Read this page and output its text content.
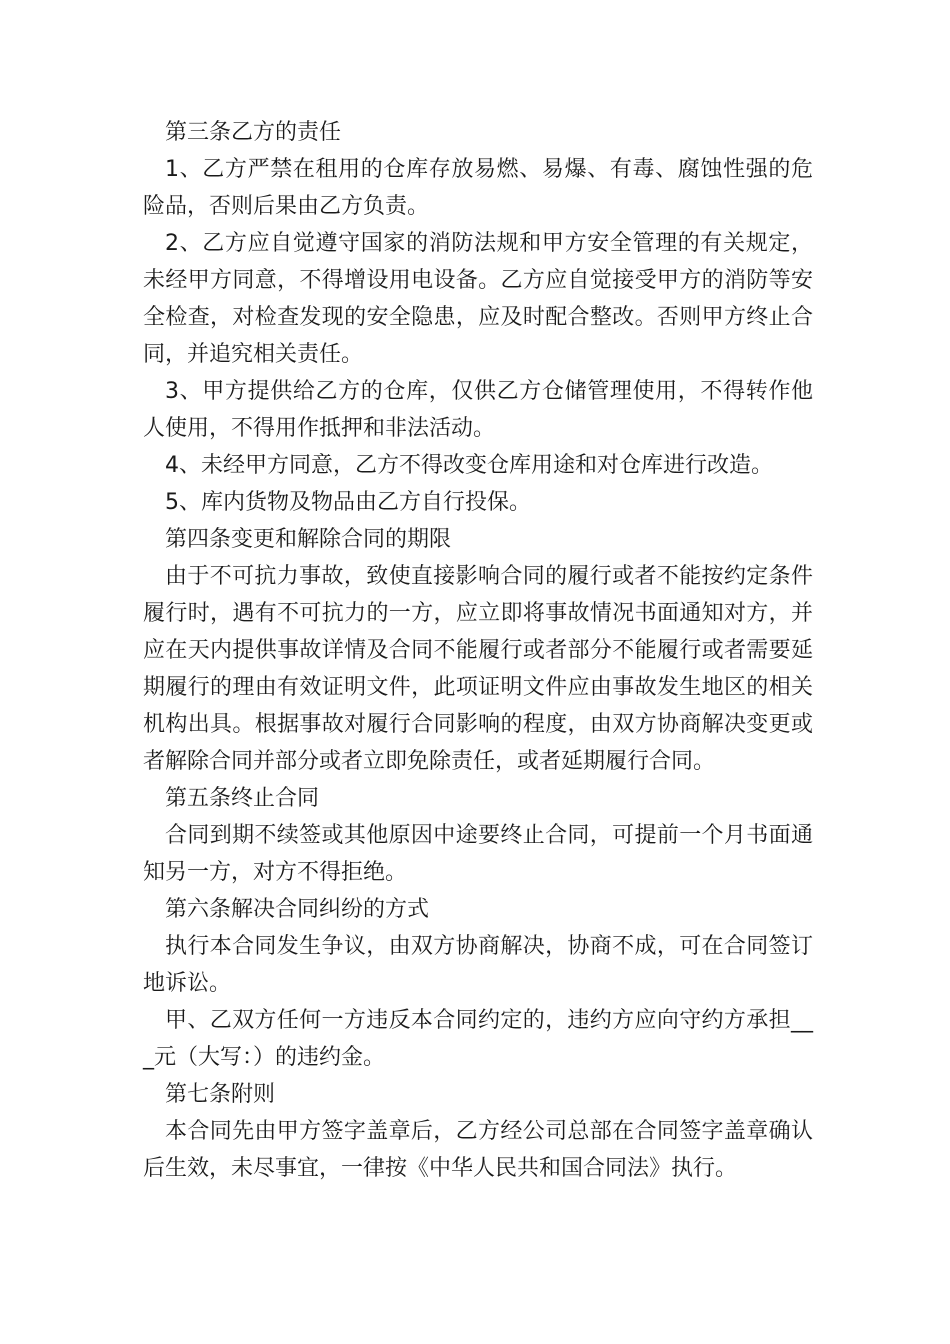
第三条乙方的责任

1、乙方严禁在租用的仓库存放易燃、易爆、有毒、腐蚀性强的危险品，否则后果由乙方负责。

2、乙方应自觉遵守国家的消防法规和甲方安全管理的有关规定，未经甲方同意，不得增设用电设备。乙方应自觉接受甲方的消防等安全检查，对检查发现的安全隐患，应及时配合整改。否则甲方终止合同，并追究相关责任。

3、甲方提供给乙方的仓库，仅供乙方仓储管理使用，不得转作他人使用，不得用作抵押和非法活动。

4、未经甲方同意，乙方不得改变仓库用途和对仓库进行改造。

5、库内货物及物品由乙方自行投保。

第四条变更和解除合同的期限

由于不可抗力事故，致使直接影响合同的履行或者不能按约定条件履行时，遇有不可抗力的一方，应立即将事故情况书面通知对方，并应在天内提供事故详情及合同不能履行或者部分不能履行或者需要延期履行的理由有效证明文件，此项证明文件应由事故发生地区的相关机构出具。根据事故对履行合同影响的程度，由双方协商解决变更或者解除合同并部分或者立即免除责任，或者延期履行合同。

第五条终止合同

合同到期不续签或其他原因中途要终止合同，可提前一个月书面通知另一方，对方不得拒绝。

第六条解决合同纠纷的方式

执行本合同发生争议，由双方协商解决，协商不成，可在合同签订地诉讼。

甲、乙双方任何一方违反本合同约定的，违约方应向守约方承担___元（大写：）的违约金。

第七条附则

本合同先由甲方签字盖章后，乙方经公司总部在合同签字盖章确认后生效，未尽事宜，一律按《中华人民共和国合同法》执行。
